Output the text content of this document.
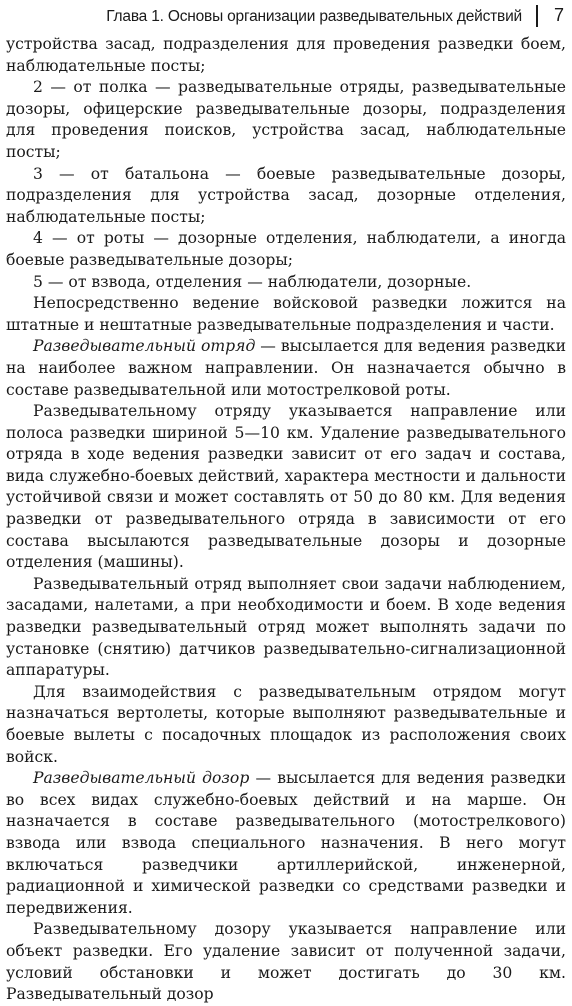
Глава 1. Основы организации разведывательных действий 7

устройства засад, подразделения для проведения разведки боем, наблюдательные посты;

2 — от полка — разведывательные отряды, разведывательные дозоры, офицерские разведывательные дозоры, подразделения для проведения поисков, устройства засад, наблюдательные посты;

3 — от батальона — боевые разведывательные дозоры, подразделения для устройства засад, дозорные отделения, наблюдательные посты;

4 — от роты — дозорные отделения, наблюдатели, а иногда боевые разведывательные дозоры;

5 — от взвода, отделения — наблюдатели, дозорные.

Непосредственно ведение войсковой разведки ложится на штатные и нештатные разведывательные подразделения и части.

Разведывательный отряд — высылается для ведения разведки на наиболее важном направлении. Он назначается обычно в составе разведывательной или мотострелковой роты.

Разведывательному отряду указывается направление или полоса разведки шириной 5—10 км. Удаление разведывательного отряда в ходе ведения разведки зависит от его задач и состава, вида служебно-боевых действий, характера местности и дальности устойчивой связи и может составлять от 50 до 80 км. Для ведения разведки от разведывательного отряда в зависимости от его состава высылаются разведывательные дозоры и дозорные отделения (машины).

Разведывательный отряд выполняет свои задачи наблюдением, засадами, налетами, а при необходимости и боем. В ходе ведения разведки разведывательный отряд может выполнять задачи по установке (снятию) датчиков разведывательно-сигнализационной аппаратуры.

Для взаимодействия с разведывательным отрядом могут назначаться вертолеты, которые выполняют разведывательные и боевые вылеты с посадочных площадок из расположения своих войск.

Разведывательный дозор — высылается для ведения разведки во всех видах служебно-боевых действий и на марше. Он назначается в составе разведывательного (мотострелкового) взвода или взвода специального назначения. В него могут включаться разведчики артиллерийской, инженерной, радиационной и химической разведки со средствами разведки и передвижения.

Разведывательному дозору указывается направление или объект разведки. Его удаление зависит от полученной задачи, условий обстановки и может достигать до 30 км. Разведывательный дозор
